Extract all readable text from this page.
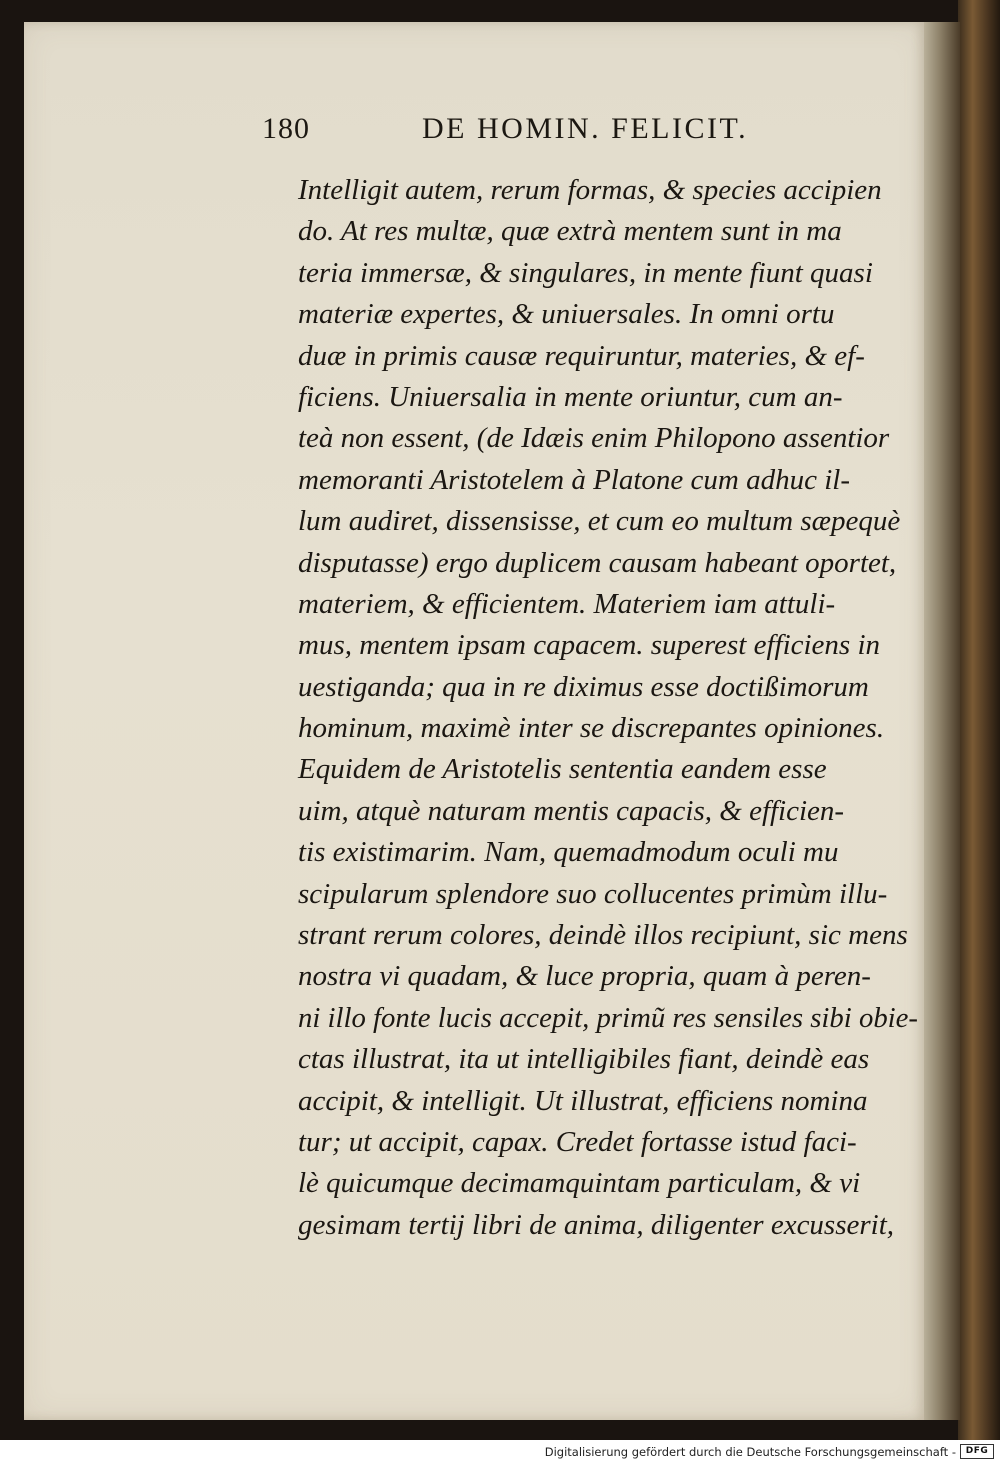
180	DE HOMIN. FELICIT.
Intelligit autem, rerum formas, & species accipien
do. At res multæ, quæ extrà mentem sunt in ma
teria immersæ, & singulares, in mente fiunt quasi
materiæ expertes, & uniuersales. In omni ortu
duæ in primis causæ requiruntur, materies, & ef-
ficiens. Uniuersalia in mente oriuntur, cum an-
teà non essent, (de Idæis enim Philopono assentior
memoranti Aristotelem à Platone cum adhuc il-
lum audiret, dissensisse, et cum eo multum sæpequè
disputasse) ergo duplicem causam habeant oportet,
materiem, & efficientem. Materiem iam attuli-
mus, mentem ipsam capacem. superest efficiens in
uestiganda; qua in re diximus esse doctißimorum
hominum, maximè inter se discrepantes opiniones.
Equidem de Aristotelis sententia eandem esse
uim, atquè naturam mentis capacis, & efficien-
tis existimarim. Nam, quemadmodum oculi mu
scipularum splendore suo collucentes primùm illu-
strant rerum colores, deindè illos recipiunt, sic mens
nostra vi quadam, & luce propria, quam à peren-
ni illo fonte lucis accepit, primũ res sensiles sibi obie-
ctas illustrat, ita ut intelligibiles fiant, deindè eas
accipit, & intelligit. Ut illustrat, efficiens nomina
tur; ut accipit, capax. Credet fortasse istud faci-
lè quicumque decimamquintam particulam, & vi
gesimam tertij libri de anima, diligenter excusserit,
Digitalisierung gefördert durch die Deutsche Forschungsgemeinschaft -	DFG
